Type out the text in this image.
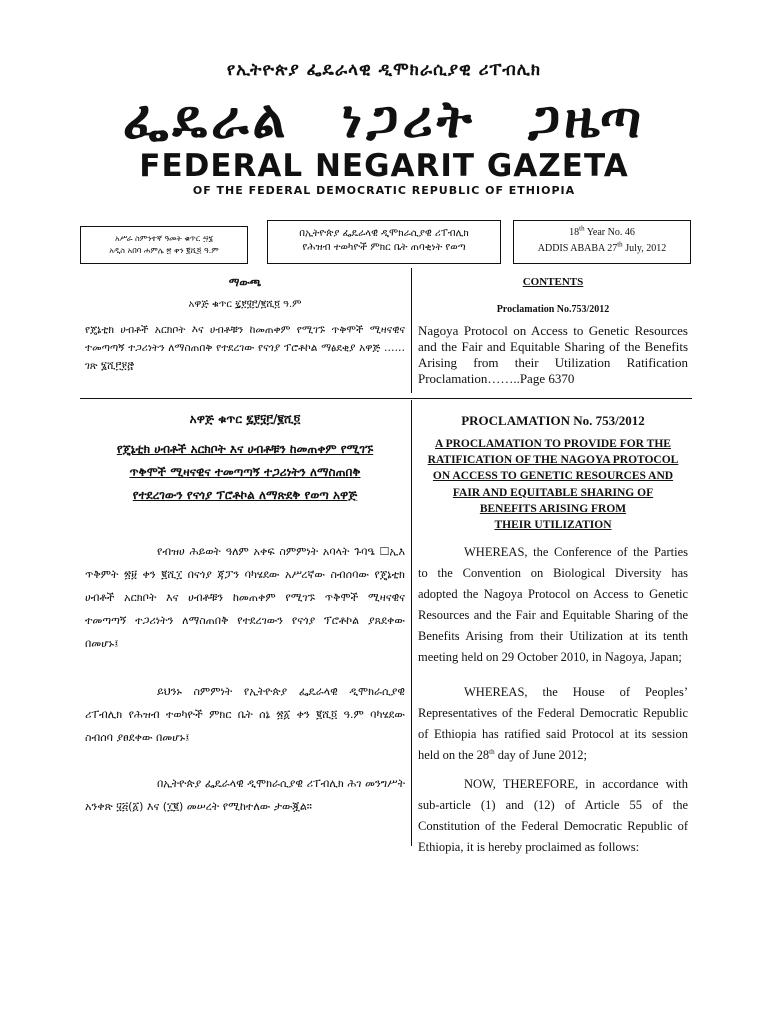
የኢትዮጵያ ፌዴራላዊ ዲሞክራሲያዊ ሪፐብሊክ
ፌዴራል ነጋሪት ጋዜጣ
FEDERAL NEGARIT GAZETA
OF THE FEDERAL DEMOCRATIC REPUBLIC OF ETHIOPIA
አሥራ ስምንተኛ ዓመት ቁጥር ፵፮
አዲስ አበባ ሐምሌ ፳ ቀን ፪ሺ፬ ዓ.ም
በኢትዮጵያ ፌዴራላዊ ዲሞክራሲያዊ ሪፐብሊክ
የሕዝብ ተወካዮች ምክር ቤት ጠባቂነት የወጣ
18th Year No. 46
ADDIS ABABA 27th July, 2012
ማውጫ
አዋጅ ቁጥር ፯፻፶፫/፪ሺ፬ ዓ.ም
የጄኔቲክ ሀብቶች አርክቦት እና ሀብቶቹን ከመጠቀም የሚገኙ ጥቅሞች ሚዛናዊና ተመጣጣኝ ተጋሪነትን ለማስጠበቅ የተደረገው የናጎያ ፕሮቶኮል ማፅደቂያ አዋጅ …… ገጽ ፮ሺ፫፻፸
CONTENTS
Proclamation No.753/2012
Nagoya Protocol on Access to Genetic Resources and the Fair and Equitable Sharing of the Benefits Arising from their Utilization Ratification Proclamation……..Page 6370
አዋጅ ቁጥር ፯፻፶፫/፪ሺ፬
የጄኔቲክ ሀብቶች አርክቦት እና ሀብቶቹን ከመጠቀም የሚገኙ ጥቅሞች ሚዛናዊና ተመጣጣኝ ተጋሪነትን ለማስጠበቅ የተደረገውን የናጎያ ፕሮቶኮል ለማጽደቅ የወጣ አዋጅ
PROCLAMATION No. 753/2012
A PROCLAMATION TO PROVIDE FOR THE
RATIFICATION OF THE NAGOYA PROTOCOL
ON ACCESS TO GENETIC RESOURCES AND
FAIR AND EQUITABLE SHARING OF
BENEFITS ARISING FROM
THEIR UTILIZATION
የብዝሀ ሕይወት ዓለም አቀፍ ስምምነት አባላት ጉባዔ ☐ኢእ ጥቅምት ፳፱ ቀን ፪ሺ፲ በናጎያ ጃፓን ባካሄደው አሥረኛው ስብሰባው የጄኔቲክ ሀብቶች አርክቦት እና ሀብቶቹን ከመጠቀም የሚገኙ ጥቅሞች ሚዛናዊና ተመጣጣኝ ተጋሪነትን ለማስጠበቅ የተደረገውን የናጎያ ፕሮቶኮል ያጸደቀው በመሆኑ፤
WHEREAS, the Conference of the Parties to the Convention on Biological Diversity has adopted the Nagoya Protocol on Access to Genetic Resources and the Fair and Equitable Sharing of the Benefits Arising from their Utilization at its tenth meeting held on 29 October 2010, in Nagoya, Japan;
ይህንኑ ስምምነት የኢትዮጵያ ፌዴራላዊ ዲሞክራሲያዊ ሪፐብሊክ የሕዝብ ተወካዮች ምክር ቤት ሰኔ ፳፩ ቀን ፪ሺ፬ ዓ.ም ባካሄደው ስብሰባ ያፀደቀው በመሆኑ፤
WHEREAS, the House of Peoples’ Representatives of the Federal Democratic Republic of Ethiopia has ratified said Protocol at its session held on the 28th day of June 2012;
በኢትዮጵያ ፌዴራላዊ ዲሞክራሲያዊ ሪፐብሊክ ሕገ መንግሥት አንቀጽ ፶፭(፩) እና (፲፪) መሠረት የሚከተለው ታውጇል።
NOW, THEREFORE, in accordance with sub-article (1) and (12) of Article 55 of the Constitution of the Federal Democratic Republic of Ethiopia, it is hereby proclaimed as follows:
